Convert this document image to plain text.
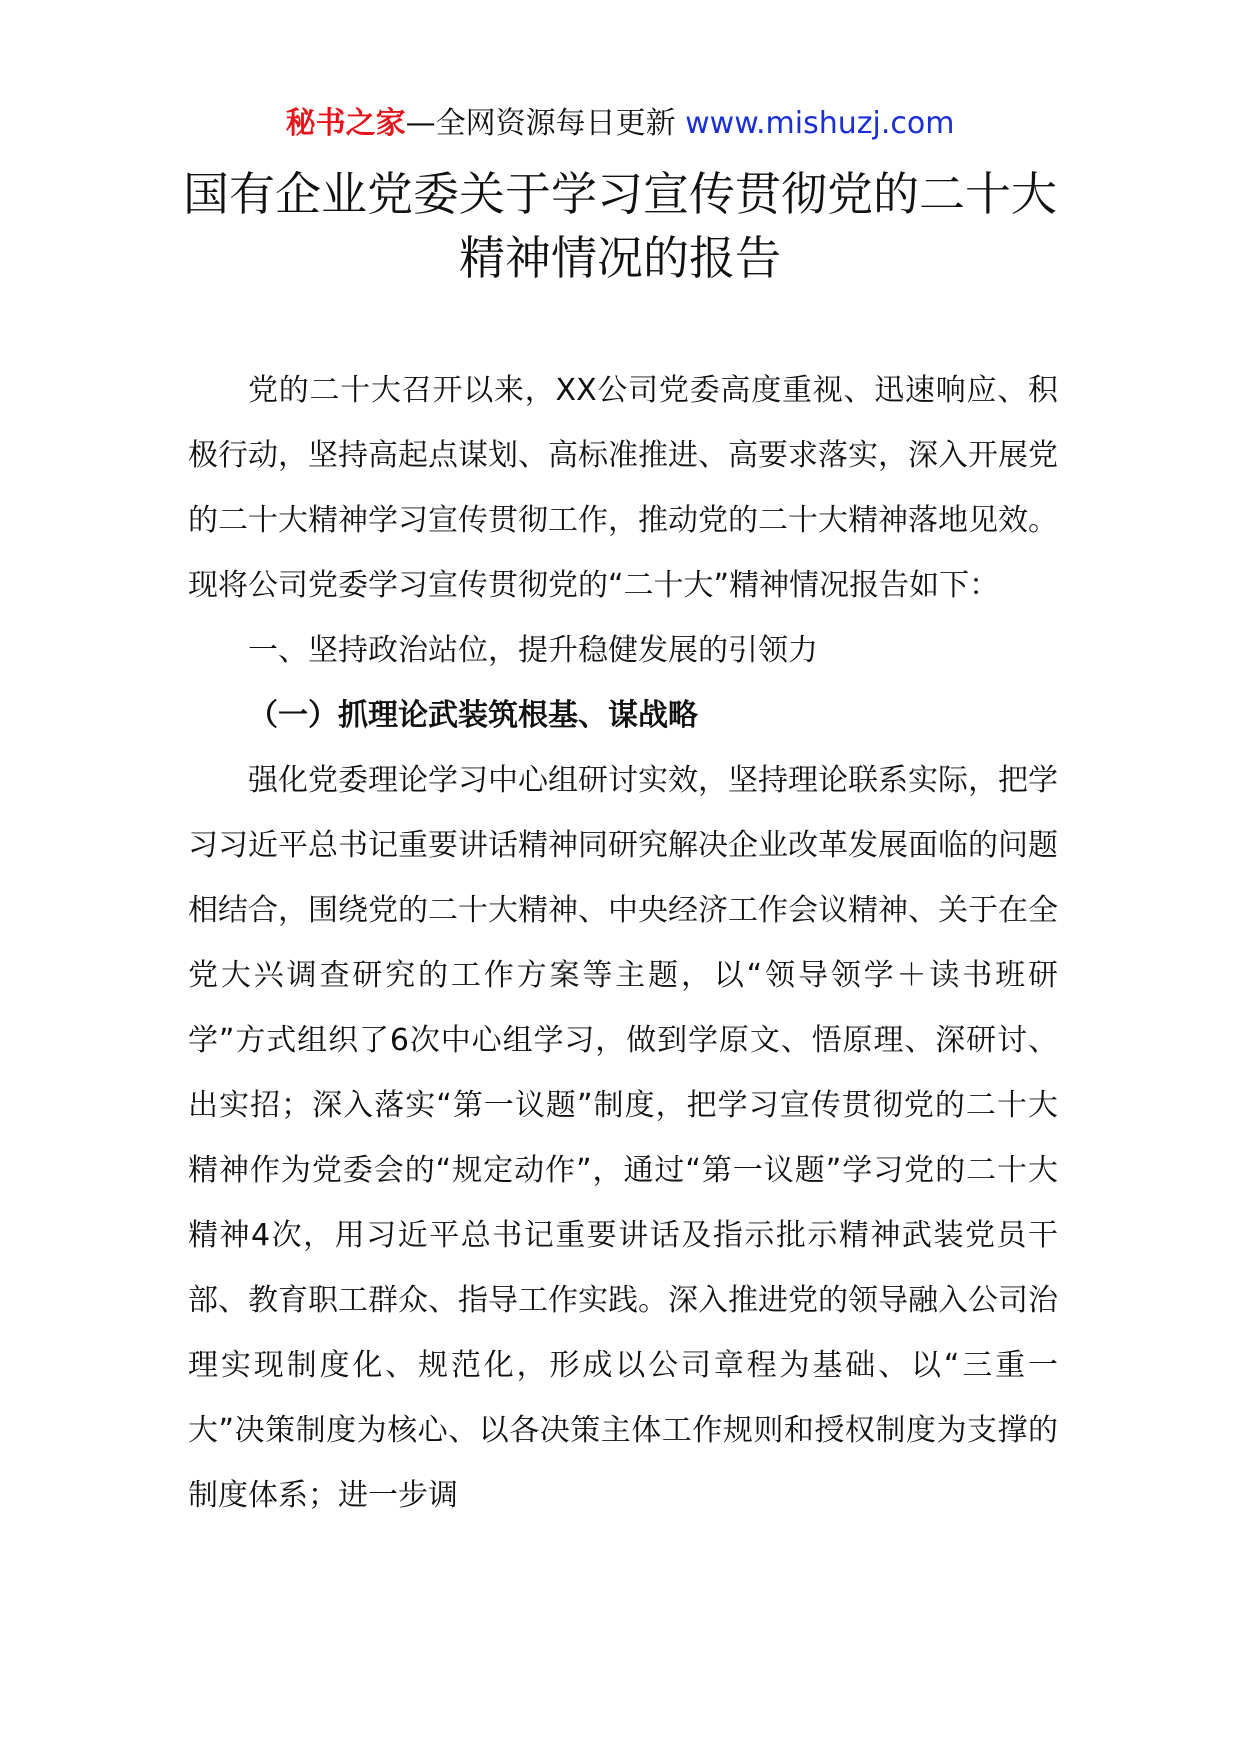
秘书之家—全网资源每日更新 www.mishuzj.com
国有企业党委关于学习宣传贯彻党的二十大精神情况的报告

党的二十大召开以来，XX公司党委高度重视、迅速响应、积极行动，坚持高起点谋划、高标准推进、高要求落实，深入开展党的二十大精神学习宣传贯彻工作，推动党的二十大精神落地见效。现将公司党委学习宣传贯彻党的“二十大”精神情况报告如下：

一、坚持政治站位，提升稳健发展的引领力

（一）抓理论武装筑根基、谋战略

强化党委理论学习中心组研讨实效，坚持理论联系实际，把学习习近平总书记重要讲话精神同研究解决企业改革发展面临的问题相结合，围绕党的二十大精神、中央经济工作会议精神、关于在全党大兴调查研究的工作方案等主题，以“领导领学＋读书班研学”方式组织了6次中心组学习，做到学原文、悟原理、深研讨、出实招；深入落实“第一议题”制度，把学习宣传贯彻党的二十大精神作为党委会的“规定动作”，通过“第一议题”学习党的二十大精神4次，用习近平总书记重要讲话及指示批示精神武装党员干部、教育职工群众、指导工作实践。深入推进党的领导融入公司治理实现制度化、规范化，形成以公司章程为基础、以“三重一大”决策制度为核心、以各决策主体工作规则和授权制度为支撑的制度体系；进一步调
